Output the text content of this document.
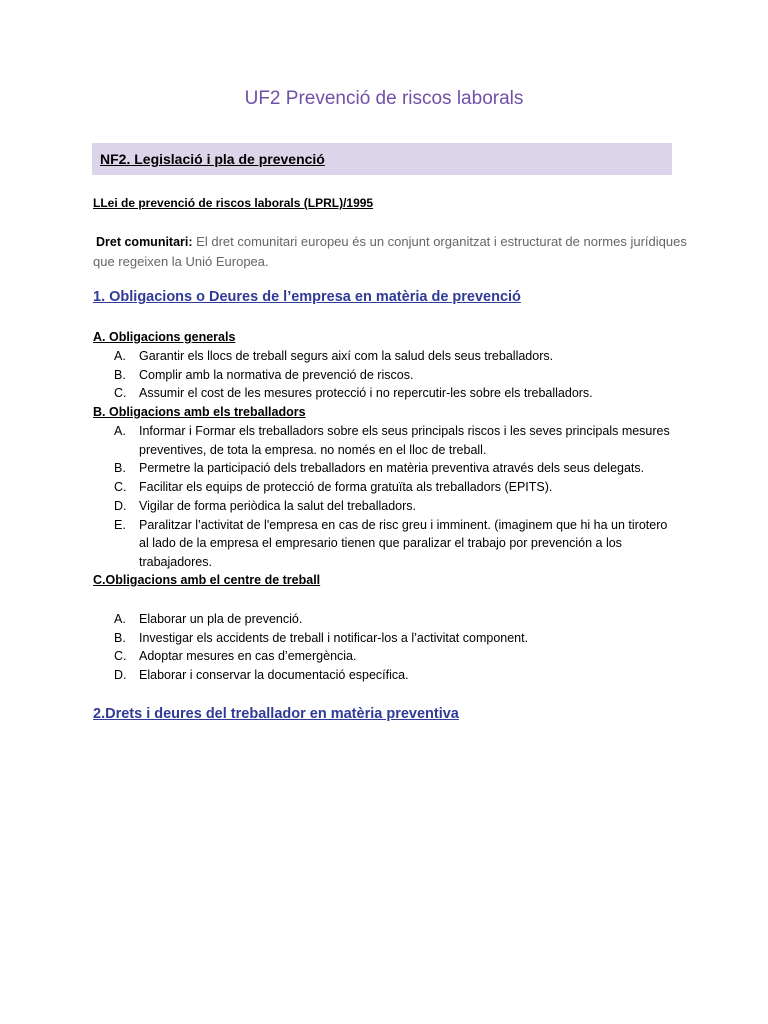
UF2 Prevenció de riscos laborals
NF2. Legislació i pla de prevenció
LLei de prevenció de riscos laborals (LPRL)/1995
Dret comunitari: El dret comunitari europeu és un conjunt organitzat i estructurat de normes jurídiques que regeixen la Unió Europea.
1. Obligacions o Deures de l’empresa en matèria de prevenció
A. Obligacions generals
A. Garantir els llocs de treball segurs així com la salud dels seus treballadors.
B. Complir amb la normativa de prevenció de riscos.
C. Assumir el cost de les mesures protecció i no repercutir-les sobre els treballadors.
B. Obligacions amb els treballadors
A. Informar i Formar els treballadors sobre els seus principals riscos i les seves principals mesures preventives, de tota la empresa. no només en el lloc de treball.
B. Permetre la participació dels treballadors en matèria preventiva através dels seus delegats.
C. Facilitar els equips de protecció de forma gratuïta als treballadors (EPITS).
D. Vigilar de forma periòdica la salut del treballadors.
E. Paralitzar l’activitat de l'empresa en cas de risc greu i imminent. (imaginem que hi ha un tirotero al lado de la empresa el empresario tienen que paralizar el trabajo por prevención a los trabajadores.
C.Obligacions amb el centre de treball
A. Elaborar un pla de prevenció.
B. Investigar els accidents de treball i notificar-los a l’activitat component.
C. Adoptar mesures en cas d’emergència.
D. Elaborar i conservar la documentació específica.
2.Drets i deures del treballador en matèria preventiva
